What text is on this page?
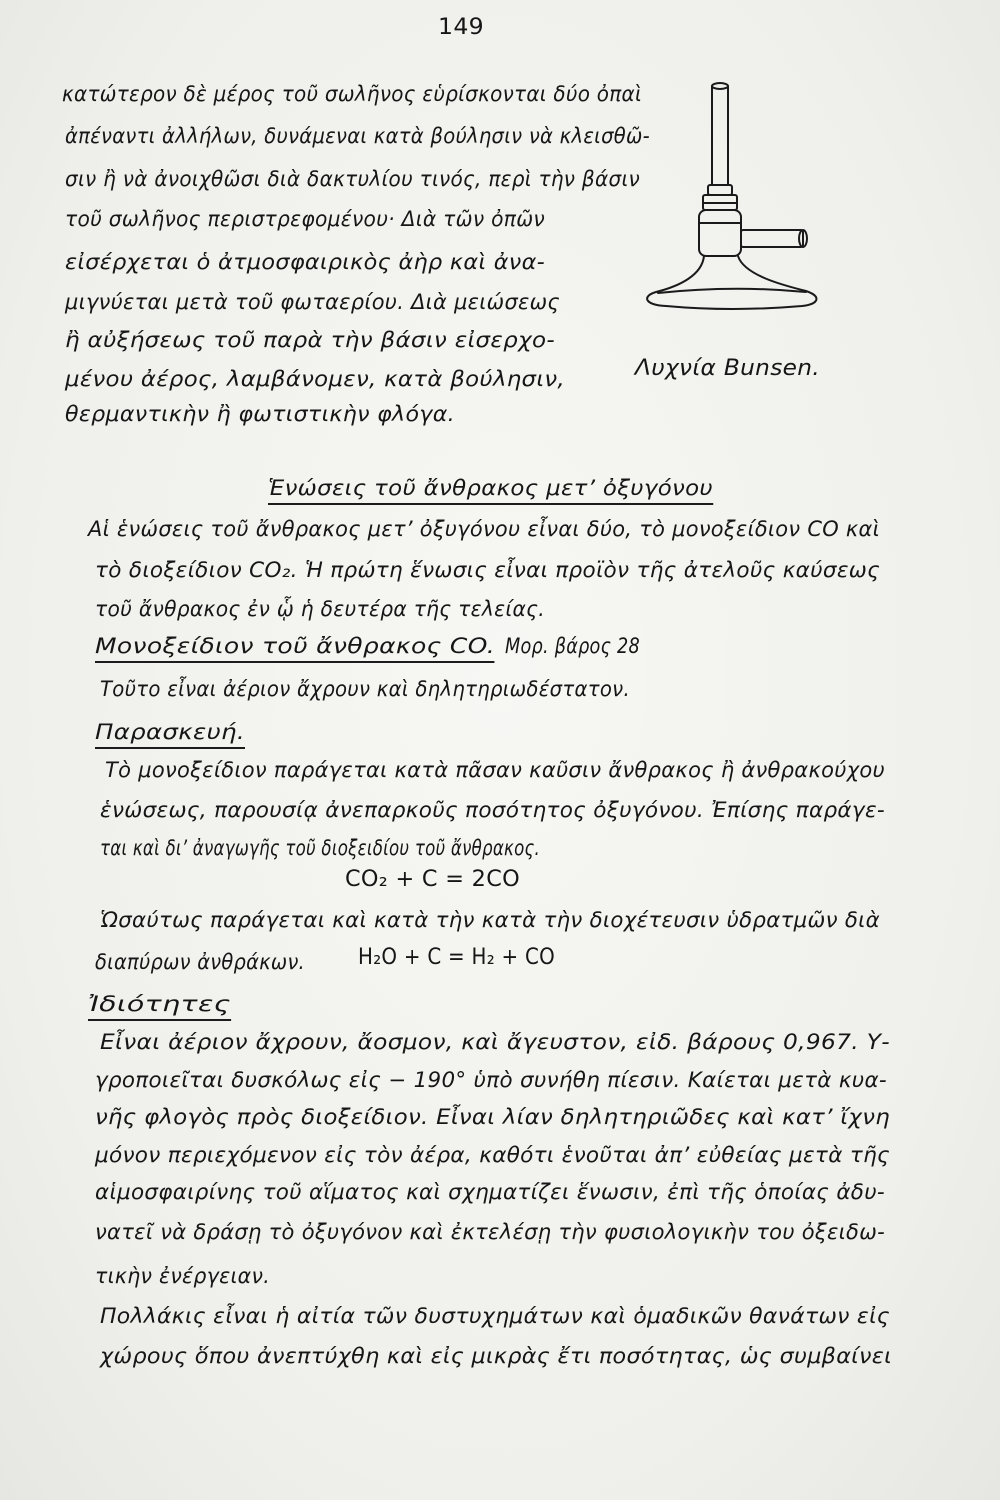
149
κατώτερον δὲ μέρος τοῦ σωλῆνος εὑρίσκονται δύο ὀπαὶ
ἀπέναντι ἀλλήλων, δυνάμεναι κατὰ βούλησιν νὰ κλεισθῶ-
σιν ἢ νὰ ἀνοιχθῶσι διὰ δακτυλίου τινός, περὶ τὴν βάσιν
τοῦ σωλῆνος περιστρεφομένου· Διὰ τῶν ὀπῶν
εἰσέρχεται ὁ ἀτμοσφαιρικὸς ἀὴρ καὶ ἀνα-
μιγνύεται μετὰ τοῦ φωταερίου. Διὰ μειώσεως
ἢ αὐξήσεως τοῦ παρὰ τὴν βάσιν εἰσερχο-
μένου ἀέρος, λαμβάνομεν, κατὰ βούλησιν,
θερμαντικὴν ἢ φωτιστικὴν φλόγα.
Λυχνία Bunsen.
Ἑνώσεις τοῦ ἄνθρακος μετ’ ὀξυγόνου
Αἱ ἑνώσεις τοῦ ἄνθρακος μετ’ ὀξυγόνου εἶναι δύο, τὸ μονοξείδιον CO καὶ
τὸ διοξείδιον CO₂. Ἡ πρώτη ἕνωσις εἶναι προϊὸν τῆς ἀτελοῦς καύσεως
τοῦ ἄνθρακος ἐν ᾧ ἡ δευτέρα τῆς τελείας.
Μονοξείδιον τοῦ ἄνθρακος CO. Μορ. βάρος 28
Τοῦτο εἶναι ἀέριον ἄχρουν καὶ δηλητηριωδέστατον.
Παρασκευή.
Τὸ μονοξείδιον παράγεται κατὰ πᾶσαν καῦσιν ἄνθρακος ἢ ἀνθρακούχου
ἑνώσεως, παρουσίᾳ ἀνεπαρκοῦς ποσότητος ὀξυγόνου. Ἐπίσης παράγε-
ται καὶ δι’ ἀναγωγῆς τοῦ διοξειδίου τοῦ ἄνθρακος.
CO₂ + C = 2CO
Ὡσαύτως παράγεται καὶ κατὰ τὴν κατὰ τὴν διοχέτευσιν ὑδρατμῶν διὰ
διαπύρων ἀνθράκων. H₂O + C = H₂ + CO
Ἰδιότητες
Εἶναι ἀέριον ἄχρουν, ἄοσμον, καὶ ἄγευστον, εἰδ. βάρους 0,967. Υ-
γροποιεῖται δυσκόλως εἰς − 190° ὑπὸ συνήθη πίεσιν. Καίεται μετὰ κυα-
νῆς φλογὸς πρὸς διοξείδιον. Εἶναι λίαν δηλητηριῶδες καὶ κατ’ ἴχνη
μόνον περιεχόμενον εἰς τὸν ἀέρα, καθότι ἑνοῦται ἀπ’ εὐθείας μετὰ τῆς
αἱμοσφαιρίνης τοῦ αἵματος καὶ σχηματίζει ἕνωσιν, ἐπὶ τῆς ὁποίας ἀδυ-
νατεῖ νὰ δράσῃ τὸ ὀξυγόνον καὶ ἐκτελέσῃ τὴν φυσιολογικὴν του ὀξειδω-
τικὴν ἐνέργειαν.
Πολλάκις εἶναι ἡ αἰτία τῶν δυστυχημάτων καὶ ὁμαδικῶν θανάτων εἰς
χώρους ὅπου ἀνεπτύχθη καὶ εἰς μικρὰς ἔτι ποσότητας, ὡς συμβαίνει
